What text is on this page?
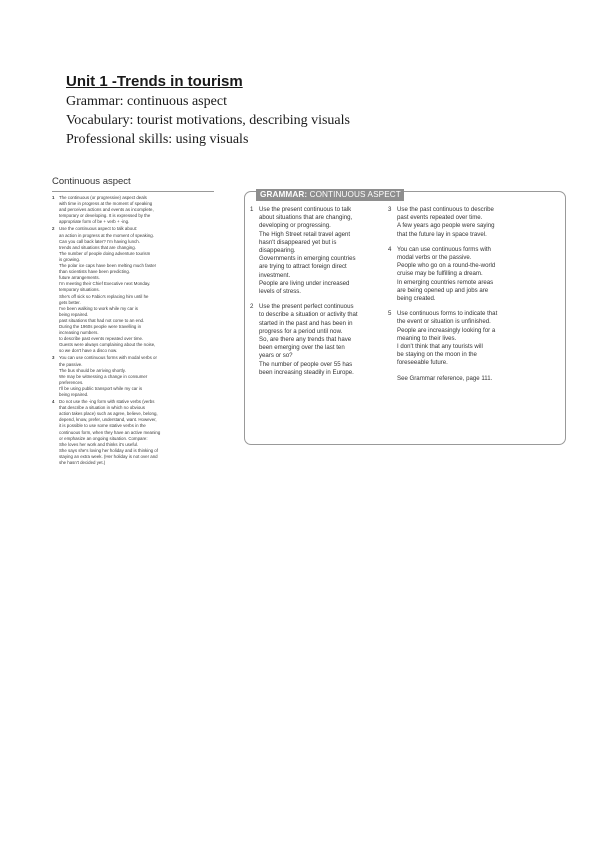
Unit 1 -Trends in tourism
Grammar: continuous aspect
Vocabulary: tourist motivations, describing visuals
Professional skills: using visuals
Continuous aspect
1	The continuous (or progressive) aspect deals
with time in progress at the moment of speaking
and perceives actions and events as incomplete,
temporary or developing. It is expressed by the
appropriate form of be + verb + -ing.
2	Use the continuous aspect to talk about:
an action in progress at the moment of speaking.
Can you call back later? I'm having lunch.
trends and situations that are changing.
The number of people doing adventure tourism
is growing.
The polar ice caps have been melting much faster
than scientists have been predicting.
future arrangements.
I'm meeting their Chief Executive next Monday.
temporary situations.
She's off sick so Fabio's replacing him until he
gets better.
I've been walking to work while my car is
being repaired.
past situations that had not come to an end.
During the 1960s people were travelling in
increasing numbers.
to describe past events repeated over time.
Guests were always complaining about the noise,
so we don't have a disco now.
3	You can use continuous forms with modal verbs or
the passive.
The bus should be arriving shortly.
We may be witnessing a change in consumer
preferences.
I'll be using public transport while my car is
being repaired.
4	Do not use the -ing form with stative verbs (verbs
that describe a situation in which no obvious
action takes place) such as agree, believe, belong,
depend, know, prefer, understand, want. However,
it is possible to use some stative verbs in the
continuous form, when they have an active meaning
or emphasize an ongoing situation. Compare:
She loves her work and thinks it's useful.
She says she's loving her holiday and is thinking of
staying an extra week. (Her holiday is not over and
she hasn't decided yet.)
GRAMMAR: CONTINUOUS ASPECT
1 Use the present continuous to talk
about situations that are changing,
developing or progressing.
The High Street retail travel agent
hasn't disappeared yet but is
disappearing.
Governments in emerging countries
are trying to attract foreign direct
investment.
People are living under increased
levels of stress.
2 Use the present perfect continuous
to describe a situation or activity that
started in the past and has been in
progress for a period until now.
So, are there any trends that have
been emerging over the last ten
years or so?
The number of people over 55 has
been increasing steadily in Europe.
3 Use the past continuous to describe
past events repeated over time.
A few years ago people were saying
that the future lay in space travel.
4 You can use continuous forms with
modal verbs or the passive.
People who go on a round-the-world
cruise may be fulfilling a dream.
In emerging countries remote areas
are being opened up and jobs are
being created.
5 Use continuous forms to indicate that
the event or situation is unfinished.
People are increasingly looking for a
meaning to their lives.
I don't think that any tourists will
be staying on the moon in the
foreseeable future.
See Grammar reference, page 111.
